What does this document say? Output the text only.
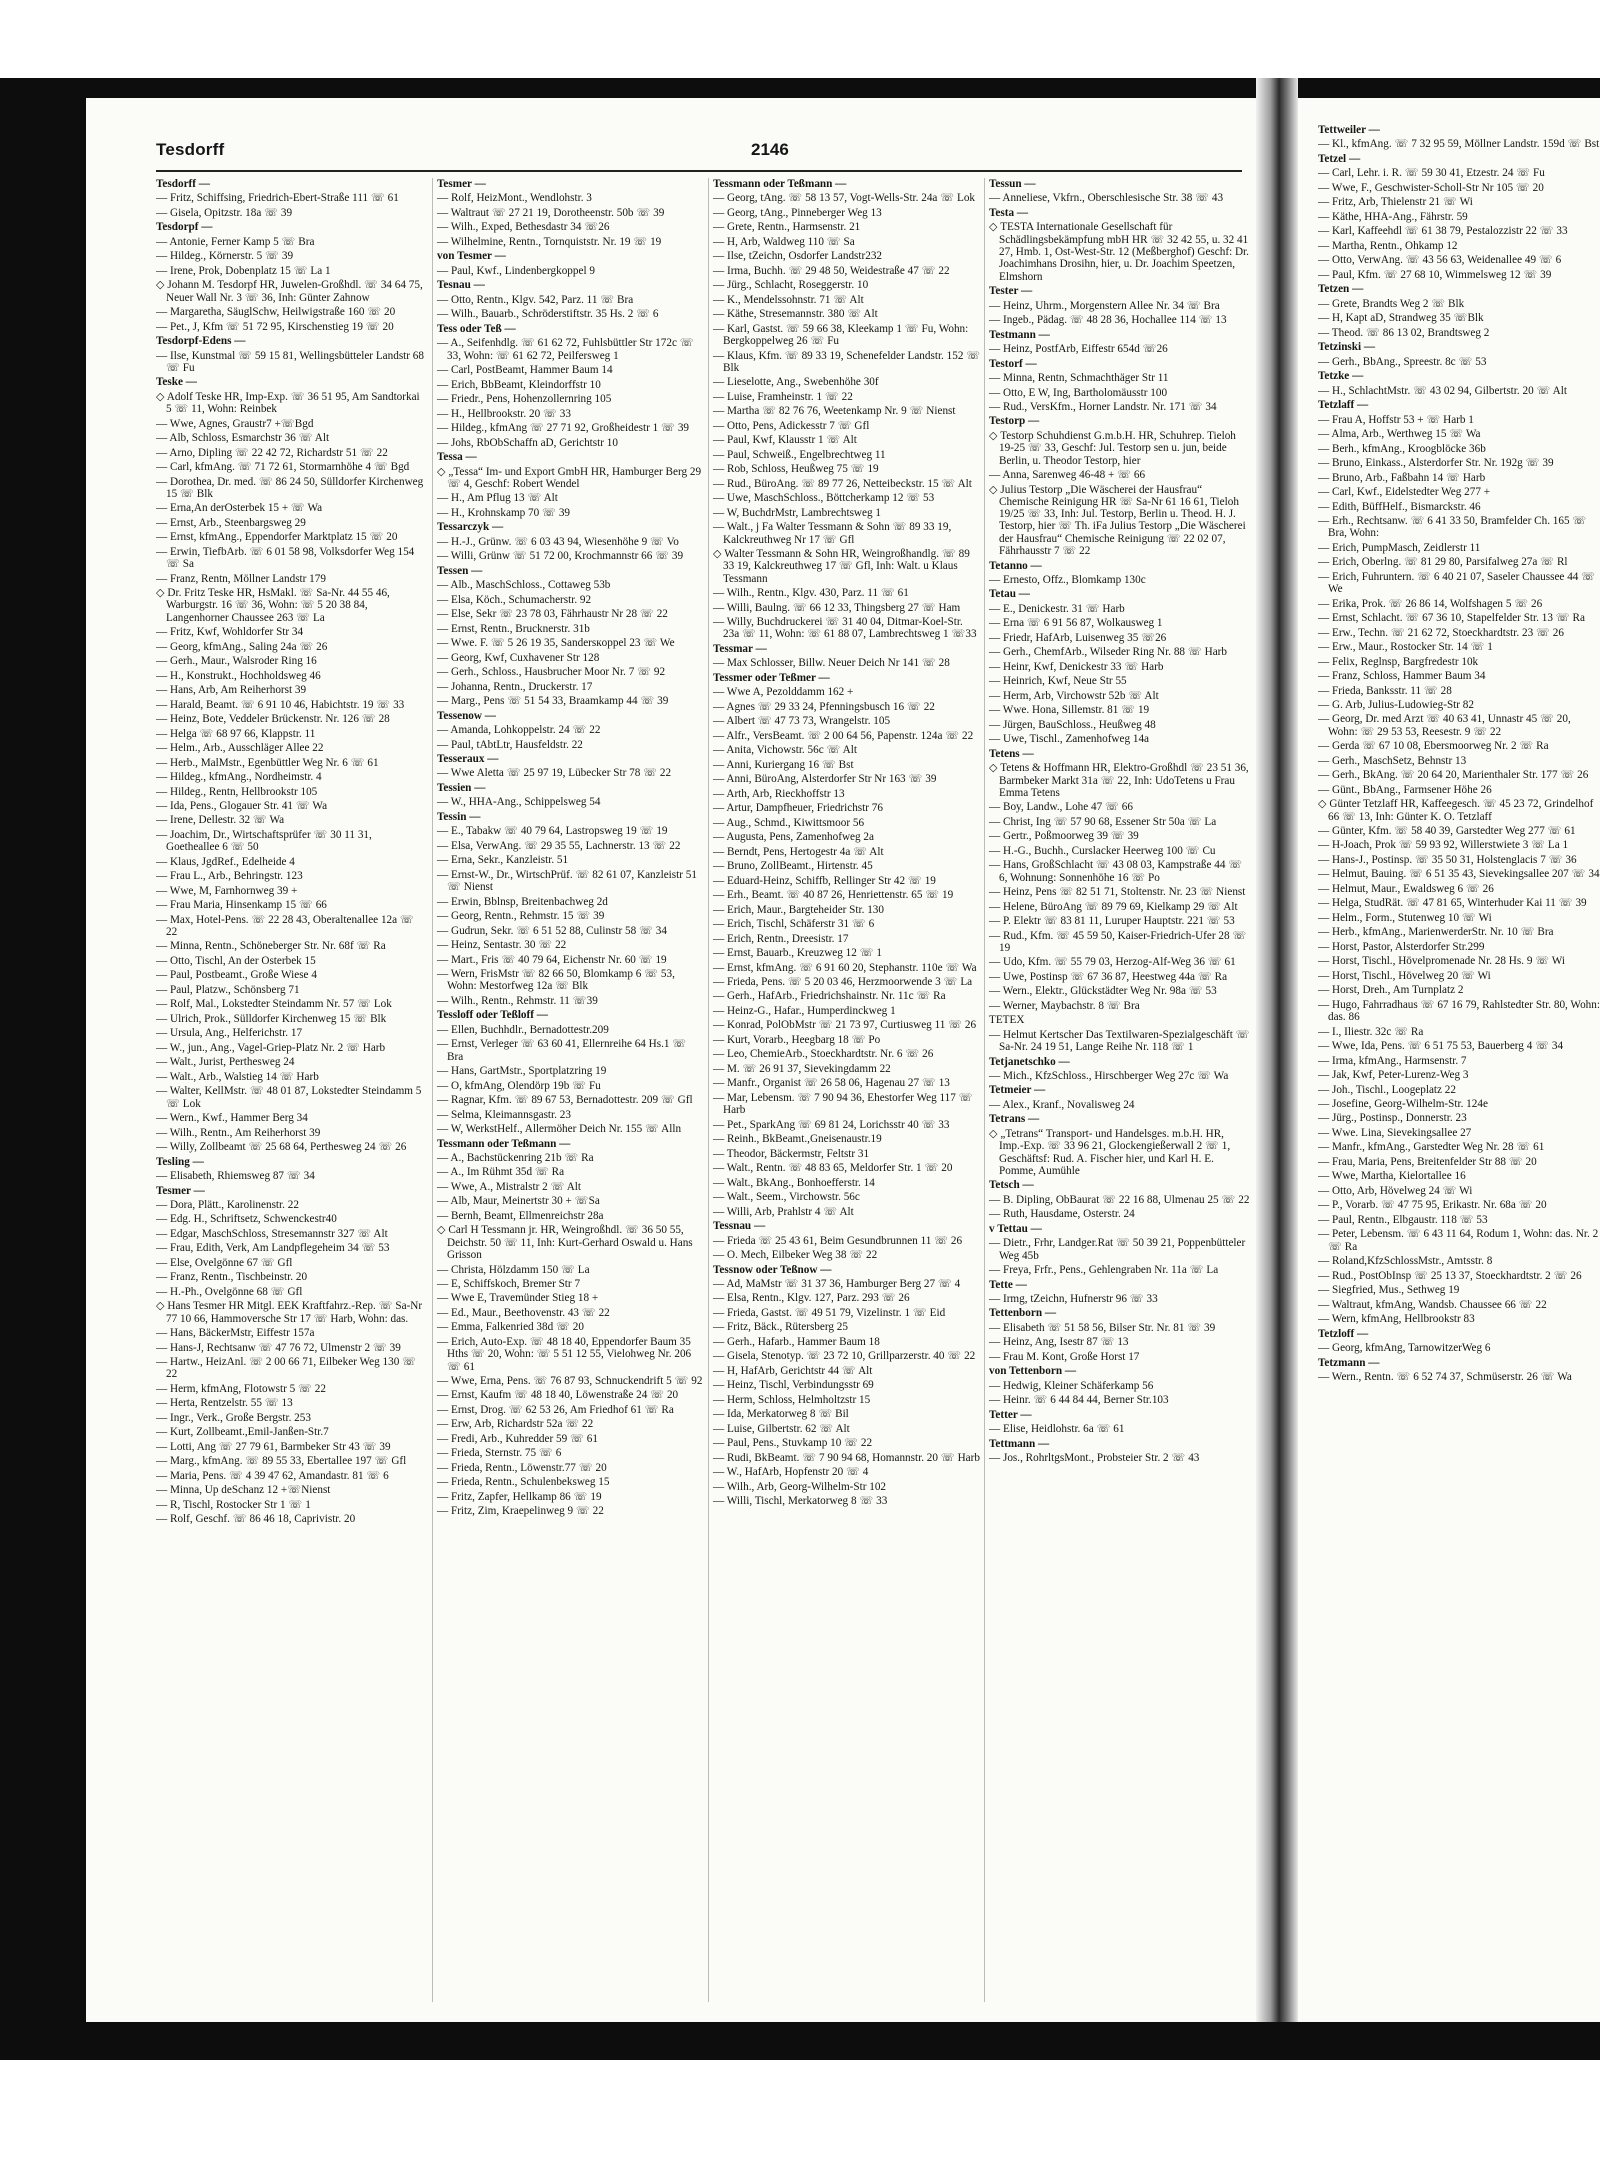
Tesdorff	2146

Tesdorff —

— Fritz, Schiffsing, Friedrich-Ebert-Straße 111 ☏ 61

— Gisela, Opitzstr. 18a ☏ 39

Tesdorpf —

— Antonie, Ferner Kamp 5 ☏ Bra

— Hildeg., Körnerstr. 5 ☏ 39

— Irene, Prok, Dobenplatz 15 ☏ La 1

◇ Johann M. Tesdorpf HR, Juwelen-Großhdl. ☏ 34 64 75, Neuer Wall Nr. 3 ☏ 36, Inh: Günter Zahnow

— Margaretha, SäuglSchw, Heilwigstraße 160 ☏ 20

— Pet., J, Kfm ☏ 51 72 95, Kirschenstieg 19 ☏ 20

Tesdorpf-Edens —

— Ilse, Kunstmal ☏ 59 15 81, Wellingsbütteler Landstr 68 ☏ Fu

Teske —

◇ Adolf Teske HR, Imp-Exp. ☏ 36 51 95, Am Sandtorkai 5 ☏ 11, Wohn: Reinbek

— Wwe, Agnes, Graustr7 +☏Bgd

— Alb, Schloss, Esmarchstr 36 ☏ Alt

— Arno, Dipling ☏ 22 42 72, Richardstr 51 ☏ 22

— Carl, kfmAng. ☏ 71 72 61, Stormarnhöhe 4 ☏ Bgd

— Dorothea, Dr. med. ☏ 86 24 50, Sülldorfer Kirchenweg 15 ☏ Blk

— Erna,An derOsterbek 15 + ☏ Wa

— Ernst, Arb., Steenbargsweg 29

— Ernst, kfmAng., Eppendorfer Marktplatz 15 ☏ 20

— Erwin, TiefbArb. ☏ 6 01 58 98, Volksdorfer Weg 154 ☏ Sa

— Franz, Rentn, Möllner Landstr 179

◇ Dr. Fritz Teske HR, HsMakl. ☏ Sa-Nr. 44 55 46, Warburgstr. 16 ☏ 36, Wohn: ☏ 5 20 38 84, Langenhorner Chaussee 263 ☏ La

— Fritz, Kwf, Wohldorfer Str 34

— Georg, kfmAng., Saling 24a ☏ 26

— Gerh., Maur., Walsroder Ring 16

— H., Konstrukt., Hochholdsweg 46

— Hans, Arb, Am Reiherhorst 39

— Harald, Beamt. ☏ 6 91 10 46, Habichtstr. 19 ☏ 33

— Heinz, Bote, Veddeler Brückenstr. Nr. 126 ☏ 28

— Helga ☏ 68 97 66, Klappstr. 11

— Helm., Arb., Ausschläger Allee 22

— Herb., MalMstr., Egenbüttler Weg Nr. 6 ☏ 61

— Hildeg., kfmAng., Nordheimstr. 4

— Hildeg., Rentn, Hellbrookstr 105

— Ida, Pens., Glogauer Str. 41 ☏ Wa

— Irene, Dellestr. 32 ☏ Wa

— Joachim, Dr., Wirtschaftsprüfer ☏ 30 11 31, Goetheallee 6 ☏ 50

— Klaus, JgdRef., Edelheide 4

— Frau L., Arb., Behringstr. 123

— Wwe, M, Farnhornweg 39 +

— Frau Maria, Hinsenkamp 15 ☏ 66

— Max, Hotel-Pens. ☏ 22 28 43, Oberaltenallee 12a ☏ 22

— Minna, Rentn., Schöneberger Str. Nr. 68f ☏ Ra

— Otto, Tischl, An der Osterbek 15

— Paul, Postbeamt., Große Wiese 4

— Paul, Platzw., Schönsberg 71

— Rolf, Mal., Lokstedter Steindamm Nr. 57 ☏ Lok

— Ulrich, Prok., Sülldorfer Kirchenweg 15 ☏ Blk

— Ursula, Ang., Helferichstr. 17

— W., jun., Ang., Vagel-Griep-Platz Nr. 2 ☏ Harb

— Walt., Jurist, Perthesweg 24

— Walt., Arb., Walstieg 14 ☏ Harb

— Walter, KellMstr. ☏ 48 01 87, Lokstedter Steindamm 5 ☏ Lok

— Wern., Kwf., Hammer Berg 34

— Wilh., Rentn., Am Reiherhorst 39

— Willy, Zollbeamt ☏ 25 68 64, Perthesweg 24 ☏ 26

Tesling —

— Elisabeth, Rhiemsweg 87 ☏ 34

Tesmer —

— Dora, Plätt., Karolinenstr. 22

— Edg. H., Schriftsetz, Schwenckestr40

— Edgar, MaschSchloss, Stresemannstr 327 ☏ Alt

— Frau, Edith, Verk, Am Landpflegeheim 34 ☏ 53

— Else, Ovelgönne 67 ☏ Gfl

— Franz, Rentn., Tischbeinstr. 20

— H.-Ph., Ovelgönne 68 ☏ Gfl

◇ Hans Tesmer HR Mitgl. EEK Kraftfahrz.-Rep. ☏ Sa-Nr 77 10 66, Hammoversche Str 17 ☏ Harb, Wohn: das.

— Hans, BäckerMstr, Eiffestr 157a

— Hans-J, Rechtsanw ☏ 47 76 72, Ulmenstr 2 ☏ 39

— Hartw., HeizAnl. ☏ 2 00 66 71, Eilbeker Weg 130 ☏ 22

— Herm, kfmAng, Flotowstr 5 ☏ 22

— Herta, Rentzelstr. 55 ☏ 13

— Ingr., Verk., Große Bergstr. 253

— Kurt, Zollbeamt.,Emil-Janßen-Str.7

— Lotti, Ang ☏ 27 79 61, Barmbeker Str 43 ☏ 39

— Marg., kfmAng. ☏ 89 55 33, Ebertallee 197 ☏ Gfl

— Maria, Pens. ☏ 4 39 47 62, Amandastr. 81 ☏ 6

— Minna, Up deSchanz 12 +☏Nienst

— R, Tischl, Rostocker Str 1 ☏ 1

— Rolf, Geschf. ☏ 86 46 18, Caprivistr. 20

Tesmer —

— Rolf, HeizMont., Wendlohstr. 3

— Waltraut ☏ 27 21 19, Dorotheenstr. 50b ☏ 39

— Wilh., Exped, Bethesdastr 34 ☏26

— Wilhelmine, Rentn., Tornquiststr. Nr. 19 ☏ 19

von Tesmer —

— Paul, Kwf., Lindenbergkoppel 9

Tesnau —

— Otto, Rentn., Klgv. 542, Parz. 11 ☏ Bra

— Wilh., Bauarb., Schröderstiftstr. 35 Hs. 2 ☏ 6

Tess oder Teß —

— A., Seifenhdlg. ☏ 61 62 72, Fuhlsbüttler Str 172c ☏ 33, Wohn: ☏ 61 62 72, Peilfersweg 1

— Carl, PostBeamt, Hammer Baum 14

— Erich, BbBeamt, Kleindorffstr 10

— Friedr., Pens, Hohenzollernring 105

— H., Hellbrookstr. 20 ☏ 33

— Hildeg., kfmAng ☏ 27 71 92, Großheidestr 1 ☏ 39

— Johs, RbObSchaffn aD, Gerichtstr 10

Tessa —

◇ „Tessa“ Im- und Export GmbH HR, Hamburger Berg 29 ☏ 4, Geschf: Robert Wendel

— H., Am Pflug 13 ☏ Alt

— H., Krohnskamp 70 ☏ 39

Tessarczyk —

— H.-J., Grünw. ☏ 6 03 43 94, Wiesenhöhe 9 ☏ Vo

— Willi, Grünw ☏ 51 72 00, Krochmannstr 66 ☏ 39

Tessen —

— Alb., MaschSchloss., Cottaweg 53b

— Elsa, Köch., Schumacherstr. 92

— Else, Sekr ☏ 23 78 03, Fährhaustr Nr 28 ☏ 22

— Ernst, Rentn., Brucknerstr. 31b

— Wwe. F. ☏ 5 26 19 35, Sandersкoppel 23 ☏ We

— Georg, Kwf, Cuxhavener Str 128

— Gerh., Schloss., Hausbrucher Moor Nr. 7 ☏ 92

— Johanna, Rentn., Druckerstr. 17

— Marg., Pens ☏ 51 54 33, Braamkamp 44 ☏ 39

Tessenow —

— Amanda, Lohkoppelstr. 24 ☏ 22

— Paul, tAbtLtr, Hausfeldstr. 22

Tesseraux —

— Wwe Aletta ☏ 25 97 19, Lübecker Str 78 ☏ 22

Tessien —

— W., HHA-Ang., Schippelsweg 54

Tessin —

— E., Tabakw ☏ 40 79 64, Lastropsweg 19 ☏ 19

— Elsa, VerwAng. ☏ 29 35 55, Lachnerstr. 13 ☏ 22

— Erna, Sekr., Kanzleistr. 51

— Ernst-W., Dr., WirtschPrüf. ☏ 82 61 07, Kanzleistr 51 ☏ Nienst

— Erwin, Bblnsp, Breitenbachweg 2d

— Georg, Rentn., Rehmstr. 15 ☏ 39

— Gudrun, Sekr. ☏ 6 51 52 88, Culinstr 58 ☏ 34

— Heinz, Sentastr. 30 ☏ 22

— Mart., Fris ☏ 40 79 64, Eichenstr Nr. 60 ☏ 19

— Wern, FrisMstr ☏ 82 66 50, Blomkamp 6 ☏ 53, Wohn: Mestorfweg 12a ☏ Blk

— Wilh., Rentn., Rehmstr. 11 ☏39

Tessloff oder Teßloff —

— Ellen, Buchhdlr., Bernadottestr.209

— Ernst, Verleger ☏ 63 60 41, Ellernreihe 64 Hs.1 ☏ Bra

— Hans, GartMstr., Sportplatzring 19

— O, kfmAng, Olendörp 19b ☏ Fu

— Ragnar, Kfm. ☏ 89 67 53, Bernadottestr. 209 ☏ Gfl

— Selma, Kleimannsgastr. 23

— W, WerkstHelf., Allermöher Deich Nr. 155 ☏ Alln

Tessmann oder Teßmann —

— A., Bachstückenring 21b ☏ Ra

— A., Im Rühmt 35d ☏ Ra

— Wwe, A., Mistralstr 2 ☏ Alt

— Alb, Maur, Meinertstr 30 + ☏Sa

— Bernh, Beamt, Ellmenreichstr 28a

◇ Carl H Tessmann jr. HR, Weingroßhdl. ☏ 36 50 55, Deichstr. 50 ☏ 11, Inh: Kurt-Gerhard Oswald u. Hans Grisson

— Christa, Hölzdamm 150 ☏ La

— E, Schiffskoch, Bremer Str 7

— Wwe E, Travemünder Stieg 18 +

— Ed., Maur., Beethovenstr. 43 ☏ 22

— Emma, Falkenried 38d ☏ 20

— Erich, Auto-Exp. ☏ 48 18 40, Eppendorfer Baum 35 Hths ☏ 20, Wohn: ☏ 5 51 12 55, Vielohweg Nr. 206 ☏ 61

— Wwe, Erna, Pens. ☏ 76 87 93, Schnuckendrift 5 ☏ 92

— Ernst, Kaufm ☏ 48 18 40, Löwenstraße 24 ☏ 20

— Ernst, Drog. ☏ 62 53 26, Am Friedhof 61 ☏ Ra

— Erw, Arb, Richardstr 52a ☏ 22

— Fredi, Arb., Kuhredder 59 ☏ 61

— Frieda, Sternstr. 75 ☏ 6

— Frieda, Rentn., Löwenstr.77 ☏ 20

— Frieda, Rentn., Schulenbeksweg 15

— Fritz, Zapfer, Hellkamp 86 ☏ 19

— Fritz, Zim, Kraepelinweg 9 ☏ 22

Tessmann oder Teßmann —

— Georg, tAng. ☏ 58 13 57, Vogt-Wells-Str. 24a ☏ Lok

— Georg, tAng., Pinneberger Weg 13

— Grete, Rentn., Harmsenstr. 21

— H, Arb, Waldweg 110 ☏ Sa

— Ilse, tZeichn, Osdorfer Landstr232

— Irma, Buchh. ☏ 29 48 50, Weidestraße 47 ☏ 22

— Jürg., Schlacht, Roseggerstr. 10

— K., Mendelssohnstr. 71 ☏ Alt

— Käthe, Stresemannstr. 380 ☏ Alt

— Karl, Gastst. ☏ 59 66 38, Kleekamp 1 ☏ Fu, Wohn: Bergkoppelweg 26 ☏ Fu

— Klaus, Kfm. ☏ 89 33 19, Schenefelder Landstr. 152 ☏ Blk

— Lieselotte, Ang., Swebenhöhe 30f

— Luise, Framheinstr. 1 ☏ 22

— Martha ☏ 82 76 76, Weetenkamp Nr. 9 ☏ Nienst

— Otto, Pens, Adickesstr 7 ☏ Gfl

— Paul, Kwf, Klausstr 1 ☏ Alt

— Paul, Schweiß., Engelbrechtweg 11

— Rob, Schloss, Heußweg 75 ☏ 19

— Rud., BüroAng. ☏ 89 77 26, Netteibeckstr. 15 ☏ Alt

— Uwe, MaschSchloss., Böttcherkamp 12 ☏ 53

— W, BuchdrMstr, Lambrechtsweg 1

— Walt., j Fa Walter Tessmann & Sohn ☏ 89 33 19, Kalckreuthweg Nr 17 ☏ Gfl

◇ Walter Tessmann & Sohn HR, Weingroßhandlg. ☏ 89 33 19, Kalckreuthweg 17 ☏ Gfl, Inh: Walt. u Klaus Tessmann

— Wilh., Rentn., Klgv. 430, Parz. 11 ☏ 61

— Willi, Baulng. ☏ 66 12 33, Thingsberg 27 ☏ Ham

— Willy, Buchdruckerei ☏ 31 40 04, Ditmar-Koel-Str. 23a ☏ 11, Wohn: ☏ 61 88 07, Lambrechtsweg 1 ☏33

Tessmar —

— Max Schlosser, Billw. Neuer Deich Nr 141 ☏ 28

Tessmer oder Teßmer —

— Wwe A, Pezolddamm 162 +

— Agnes ☏ 29 33 24, Pfenningsbusch 16 ☏ 22

— Albert ☏ 47 73 73, Wrangelstr. 105

— Alfr., VersBeamt. ☏ 2 00 64 56, Papenstr. 124a ☏ 22

— Anita, Vichowstr. 56c ☏ Alt

— Anni, Kuriergang 16 ☏ Bst

— Anni, BüroAng, Alsterdorfer Str Nr 163 ☏ 39

— Arth, Arb, Rieckhoffstr 13

— Artur, Dampfheuer, Friedrichstr 76

— Aug., Schmd., Kiwittsmoor 56

— Augusta, Pens, Zamenhofweg 2a

— Berndt, Pens, Hertogestr 4a ☏ Alt

— Bruno, ZollBeamt., Hirtenstr. 45

— Eduard-Heinz, Schiffb, Rellinger Str 42 ☏ 19

— Erh., Beamt. ☏ 40 87 26, Henriettenstr. 65 ☏ 19

— Erich, Maur., Bargteheider Str. 130

— Erich, Tischl, Schäferstr 31 ☏ 6

— Erich, Rentn., Dreesistr. 17

— Ernst, Bauarb., Kreuzweg 12 ☏ 1

— Ernst, kfmAng. ☏ 6 91 60 20, Stephanstr. 110e ☏ Wa

— Frieda, Pens. ☏ 5 20 03 46, Herzmoorwende 3 ☏ La

— Gerh., HafArb., Friedrichshainstr. Nr. 11c ☏ Ra

— Heinz-G., Hafar., Humperdinckweg 1

— Konrad, PolObMstr ☏ 21 73 97, Curtiusweg 11 ☏ 26

— Kurt, Vorarb., Heegbarg 18 ☏ Po

— Leo, ChemieArb., Stoeckhardtstr. Nr. 6 ☏ 26

— M. ☏ 26 91 37, Sievekingdamm 22

— Manfr., Organist ☏ 26 58 06, Hagenau 27 ☏ 13

— Mar, Lebensm. ☏ 7 90 94 36, Ehestorfer Weg 117 ☏ Harb

— Pet., SparkAng ☏ 69 81 24, Lorichsstr 40 ☏ 33

— Reinh., BkBeamt.,Gneisenaustr.19

— Theodor, Bäckermstr, Feltstr 31

— Walt., Rentn. ☏ 48 83 65, Meldorfer Str. 1 ☏ 20

— Walt., BkAng., Bonhoefferstr. 14

— Walt., Seem., Virchowstr. 56c

— Willi, Arb, Prahlstr 4 ☏ Alt

Tessnau —

— Frieda ☏ 25 43 61, Beim Gesundbrunnen 11 ☏ 26

— O. Mech, Eilbeker Weg 38 ☏ 22

Tessnow oder Teßnow —

— Ad, MaMstr ☏ 31 37 36, Hamburger Berg 27 ☏ 4

— Elsa, Rentn., Klgv. 127, Parz. 293 ☏ 26

— Frieda, Gastst. ☏ 49 51 79, Vizelinstr. 1 ☏ Eid

— Fritz, Bäck., Rütersberg 25

— Gerh., Hafarb., Hammer Baum 18

— Gisela, Stenotyp. ☏ 23 72 10, Grillparzerstr. 40 ☏ 22

— H, HafArb, Gerichtstr 44 ☏ Alt

— Heinz, Tischl, Verbindungsstr 69

— Herm, Schloss, Helmholtzstr 15

— Ida, Merkatorweg 8 ☏ Bil

— Luise, Gilbertstr. 62 ☏ Alt

— Paul, Pens., Stuvkamp 10 ☏ 22

— Rudi, BkBeamt. ☏ 7 90 94 68, Homannstr. 20 ☏ Harb

— W., HafArb, Hopfenstr 20 ☏ 4

— Wilh., Arb, Georg-Wilhelm-Str 102

— Willi, Tischl, Merkatorweg 8 ☏ 33

Tessun —

— Anneliese, Vkfrn., Oberschlesische Str. 38 ☏ 43

Testa —

◇ TESTA Internationale Gesellschaft für Schädlingsbekämpfung mbH HR ☏ 32 42 55, u. 32 41 27, Hmb. 1, Ost-West-Str. 12 (Meßberghof) Geschf: Dr. Joachimhans Drosihn, hier, u. Dr. Joachim Speetzen, Elmshorn

Tester —

— Heinz, Uhrm., Morgenstern Allee Nr. 34 ☏ Bra

— Ingeb., Pädag. ☏ 48 28 36, Hochallee 114 ☏ 13

Testmann —

— Heinz, PostfArb, Eiffestr 654d ☏26

Testorf —

— Minna, Rentn, Schmachthäger Str 11

— Otto, E W, Ing, Bartholomäusstr 100

— Rud., VersKfm., Horner Landstr. Nr. 171 ☏ 34

Testorp —

◇ Testorp Schuhdienst G.m.b.H. HR, Schuhrep. Tieloh 19-25 ☏ 33, Geschf: Jul. Testorp sen u. jun, beide Berlin, u. Theodor Testorp, hier

— Anna, Sarenweg 46-48 + ☏ 66

◇ Julius Testorp „Die Wäscherei der Hausfrau“ Chemische Reinigung HR ☏ Sa-Nr 61 16 61, Tieloh 19/25 ☏ 33, Inh: Jul. Testorp, Berlin u. Theod. H. J. Testorp, hier ☏ Th. iFa Julius Testorp „Die Wäscherei der Hausfrau“ Chemische Reinigung ☏ 22 02 07, Fährhausstr 7 ☏ 22

Tetanno —

— Ernesto, Offz., Blomkamp 130c

Tetau —

— E., Denickestr. 31 ☏ Harb

— Erna ☏ 6 91 56 87, Wolkausweg 1

— Friedr, HafArb, Luisenweg 35 ☏26

— Gerh., ChemfArb., Wilseder Ring Nr. 88 ☏ Harb

— Heinr, Kwf, Denickestr 33 ☏ Harb

— Heinrich, Kwf, Neue Str 55

— Herm, Arb, Virchowstr 52b ☏ Alt

— Wwe. Hona, Sillemstr. 81 ☏ 19

— Jürgen, BauSchloss., Heußweg 48

— Uwe, Tischl., Zamenhofweg 14a

Tetens —

◇ Tetens & Hoffmann HR, Elektro-Großhdl ☏ 23 51 36, Barmbeker Markt 31a ☏ 22, Inh: UdoTetens u Frau Emma Tetens

— Boy, Landw., Lohe 47 ☏ 66

— Christ, Ing ☏ 57 90 68, Essener Str 50a ☏ La

— Gertr., Poßmoorweg 39 ☏ 39

— H.-G., Buchh., Curslacker Heerweg 100 ☏ Cu

— Hans, GroßSchlacht ☏ 43 08 03, Kampstraße 44 ☏ 6, Wohnung: Sonnenhöhe 16 ☏ Po

— Heinz, Pens ☏ 82 51 71, Stoltenstr. Nr. 23 ☏ Nienst

— Helene, BüroAng ☏ 89 79 69, Kielkamp 29 ☏ Alt

— P. Elektr ☏ 83 81 11, Luruper Hauptstr. 221 ☏ 53

— Rud., Kfm. ☏ 45 59 50, Kaiser-Friedrich-Ufer 28 ☏ 19

— Udo, Kfm. ☏ 55 79 03, Herzog-Alf-Weg 36 ☏ 61

— Uwe, Postinsp ☏ 67 36 87, Heestweg 44a ☏ Ra

— Wern., Elektr., Glückstädter Weg Nr. 98a ☏ 53

— Werner, Maybachstr. 8 ☏ Bra

TETEX

— Helmut Kertscher Das Textilwaren-Spezialgeschäft ☏ Sa-Nr. 24 19 51, Lange Reihe Nr. 118 ☏ 1

Tetjanetschko —

— Mich., KfzSchloss., Hirschberger Weg 27c ☏ Wa

Tetmeier —

— Alex., Kranf., Novalisweg 24

Tetrans —

◇ „Tetrans“ Transport- und Handelsges. m.b.H. HR, Imp.-Exp. ☏ 33 96 21, Glockengießerwall 2 ☏ 1, Geschäftsf: Rud. A. Fischer hier, und Karl H. E. Pomme, Aumühle

Tetsch —

— B. Dipling, ObBaurat ☏ 22 16 88, Ulmenau 25 ☏ 22

— Ruth, Hausdame, Osterstr. 24

v Tettau —

— Dietr., Frhr, Landger.Rat ☏ 50 39 21, Poppenbütteler Weg 45b

— Freya, Frfr., Pens., Gehlengraben Nr. 11a ☏ La

Tette —

— Irmg, tZeichn, Hufnerstr 96 ☏ 33

Tettenborn —

— Elisabeth ☏ 51 58 56, Bilser Str. Nr. 81 ☏ 39

— Heinz, Ang, Isestr 87 ☏ 13

— Frau M. Kont, Große Horst 17

von Tettenborn —

— Hedwig, Kleiner Schäferkamp 56

— Heinr. ☏ 6 44 84 44, Berner Str.103

Tetter —

— Elise, Heidlohstr. 6a ☏ 61

Tettmann —

— Jos., RohrltgsMont., Probsteier Str. 2 ☏ 43

Tettweiler —

— Kl., kfmAng. ☏ 7 32 95 59, Möllner Landstr. 159d ☏ Bst

Tetzel —

— Carl, Lehr. i. R. ☏ 59 30 41, Etzestr. 24 ☏ Fu

— Wwe, F., Geschwister-Scholl-Str Nr 105 ☏ 20

— Fritz, Arb, Thielenstr 21 ☏ Wi

— Käthe, HHA-Ang., Fährstr. 59

— Karl, Kaffeehdl ☏ 61 38 79, Pestalozzistr 22 ☏ 33

— Martha, Rentn., Ohkamp 12

— Otto, VerwAng. ☏ 43 56 63, Weidenallee 49 ☏ 6

— Paul, Kfm. ☏ 27 68 10, Wimmelsweg 12 ☏ 39

Tetzen —

— Grete, Brandts Weg 2 ☏ Blk

— H, Kapt aD, Strandweg 35 ☏Blk

— Theod. ☏ 86 13 02, Brandtsweg 2

Tetzinski —

— Gerh., BbAng., Spreestr. 8c ☏ 53

Tetzke —

— H., SchlachtMstr. ☏ 43 02 94, Gilbertstr. 20 ☏ Alt

Tetzlaff —

— Frau A, Hoffstr 53 + ☏ Harb 1

— Alma, Arb., Werthweg 15 ☏ Wa

— Berh., kfmAng., Kroogblöcke 36b

— Bruno, Einkass., Alsterdorfer Str. Nr. 192g ☏ 39

— Bruno, Arb., Faßbahn 14 ☏ Harb

— Carl, Kwf., Eidelstedter Weg 277 +

— Edith, BüffHelf., Bismarckstr. 46

— Erh., Rechtsanw. ☏ 6 41 33 50, Bramfelder Ch. 165 ☏ Bra, Wohn:

— Erich, PumpMasch, Zeidlerstr 11

— Erich, Oberlng. ☏ 81 29 80, Parsifalweg 27a ☏ Rl

— Erich, Fuhruntern. ☏ 6 40 21 07, Saseler Chaussee 44 ☏ We

— Erika, Prok. ☏ 26 86 14, Wolfshagen 5 ☏ 26

— Ernst, Schlacht. ☏ 67 36 10, Stapelfelder Str. 13 ☏ Ra

— Erw., Techn. ☏ 21 62 72, Stoeckhardtstr. 23 ☏ 26

— Erw., Maur., Rostocker Str. 14 ☏ 1

— Felix, Reglnsp, Bargfredestr 10k

— Franz, Schloss, Hammer Baum 34

— Frieda, Banksstr. 11 ☏ 28

— G. Arb, Julius-Ludowieg-Str 82

— Georg, Dr. med Arzt ☏ 40 63 41, Unnastr 45 ☏ 20, Wohn: ☏ 29 53 53, Reesestr. 9 ☏ 22

— Gerda ☏ 67 10 08, Ebersmoorweg Nr. 2 ☏ Ra

— Gerh., MaschSetz, Behnstr 13

— Gerh., BkAng. ☏ 20 64 20, Marienthaler Str. 177 ☏ 26

— Günt., BbAng., Farmsener Höhe 26

◇ Günter Tetzlaff HR, Kaffeegesch. ☏ 45 23 72, Grindelhof 66 ☏ 13, Inh: Günter K. O. Tetzlaff

— Günter, Kfm. ☏ 58 40 39, Garstedter Weg 277 ☏ 61

— H-Joach, Prok ☏ 59 93 92, Willerstwiete 3 ☏ La 1

— Hans-J., Postinsp. ☏ 35 50 31, Holstenglacis 7 ☏ 36

— Helmut, Bauing. ☏ 6 51 35 43, Sievekingsallee 207 ☏ 34

— Helmut, Maur., Ewaldsweg 6 ☏ 26

— Helga, StudRät. ☏ 47 81 65, Winterhuder Kai 11 ☏ 39

— Helm., Form., Stutenweg 10 ☏ Wi

— Herb., kfmAng., MarienwerderStr. Nr. 10 ☏ Bra

— Horst, Pastor, Alsterdorfer Str.299

— Horst, Tischl., Hövelpromenade Nr. 28 Hs. 9 ☏ Wi

— Horst, Tischl., Hövelweg 20 ☏ Wi

— Horst, Dreh., Am Turnplatz 2

— Hugo, Fahrradhaus ☏ 67 16 79, Rahlstedter Str. 80, Wohn: das. 86

— I., Iliestr. 32c ☏ Ra

— Wwe, Ida, Pens. ☏ 6 51 75 53, Bauerberg 4 ☏ 34

— Irma, kfmAng., Harmsenstr. 7

— Jak, Kwf, Peter-Lurenz-Weg 3

— Joh., Tischl., Loogeplatz 22

— Josefine, Georg-Wilhelm-Str. 124e

— Jürg., Postinsp., Donnerstr. 23

— Wwe. Lina, Sievekingsallee 27

— Manfr., kfmAng., Garstedter Weg Nr. 28 ☏ 61

— Frau, Maria, Pens, Breitenfelder Str 88 ☏ 20

— Wwe, Martha, Kielortallee 16

— Otto, Arb, Hövelweg 24 ☏ Wi

— P., Vorarb. ☏ 47 75 95, Erikastr. Nr. 68a ☏ 20

— Paul, Rentn., Elbgaustr. 118 ☏ 53

— Peter, Lebensm. ☏ 6 43 11 64, Rodum 1, Wohn: das. Nr. 2 ☏ Ra

— Roland,KfzSchlossMstr., Amtsstr. 8

— Rud., PostObInsp ☏ 25 13 37, Stoeckhardtstr. 2 ☏ 26

— Siegfried, Mus., Sethweg 19

— Waltraut, kfmAng, Wandsb. Chaussee 66 ☏ 22

— Wern, kfmAng, Hellbrookstr 83

Tetzloff —

— Georg, kfmAng, TarnowitzerWeg 6

Tetzmann —

— Wern., Rentn. ☏ 6 52 74 37, Schmüserstr. 26 ☏ Wa
